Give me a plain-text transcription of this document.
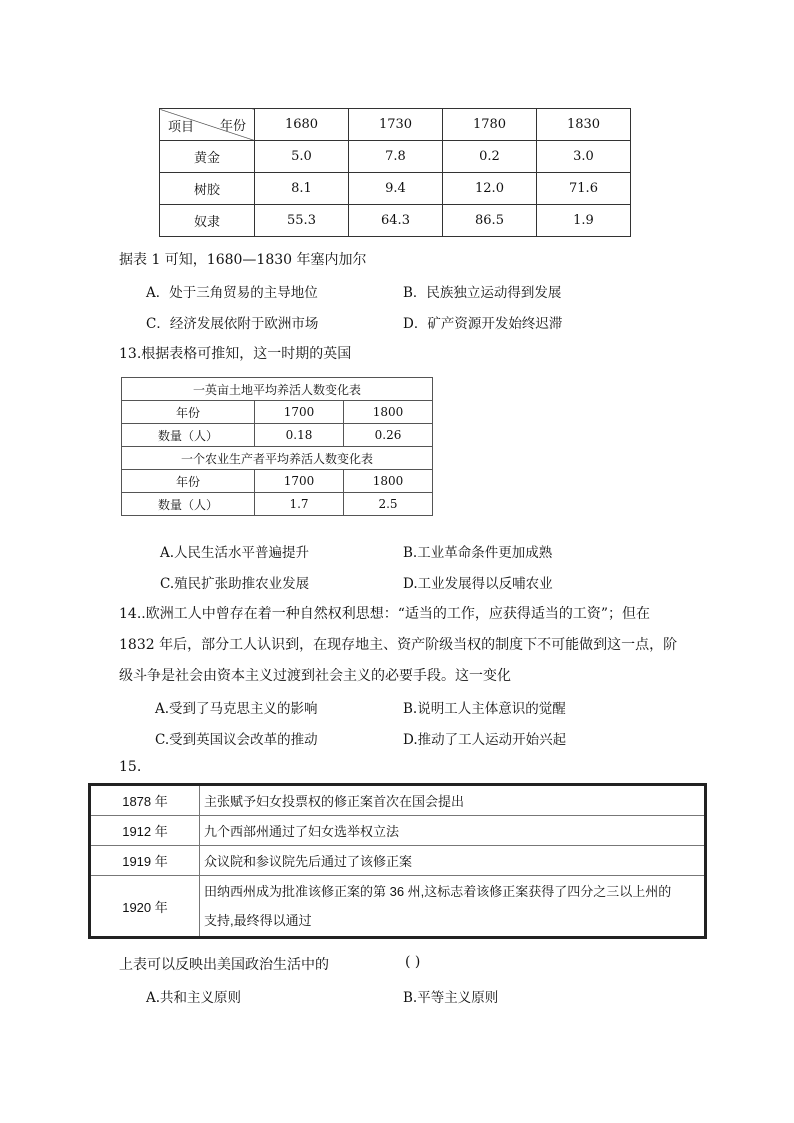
项目 年份	1680	1730	1780	1830
黄金	5.0	7.8	0.2	3.0
树胶	8.1	9.4	12.0	71.6
奴隶	55.3	64.3	86.5	1.9
据表 1 可知，1680—1830 年塞内加尔
A．处于三角贸易的主导地位	B．民族独立运动得到发展
C．经济发展依附于欧洲市场	D．矿产资源开发始终迟滞
13.根据表格可推知，这一时期的英国
一英亩土地平均养活人数变化表		
年份	1700	1800
数量（人）	0.18	0.26
一个农业生产者平均养活人数变化表		
年份	1700	1800
数量（人）	1.7	2.5
A.人民生活水平普遍提升	B.工业革命条件更加成熟
C.殖民扩张助推农业发展	D.工业发展得以反哺农业
14..欧洲工人中曾存在着一种自然权利思想：“适当的工作，应获得适当的工资”；但在
1832 年后，部分工人认识到，在现存地主、资产阶级当权的制度下不可能做到这一点，阶
级斗争是社会由资本主义过渡到社会主义的必要手段。这一变化
A.受到了马克思主义的影响	B.说明工人主体意识的觉醒
C.受到英国议会改革的推动	D.推动了工人运动开始兴起
15.
1878 年	主张赋予妇女投票权的修正案首次在国会提出
1912 年	九个西部州通过了妇女选举权立法
1919 年	众议院和参议院先后通过了该修正案
1920 年	田纳西州成为批准该修正案的第 36 州,这标志着该修正案获得了四分之三以上州的
支持,最终得以通过
上表可以反映出美国政治生活中的	( )
A.共和主义原则	B.平等主义原则
